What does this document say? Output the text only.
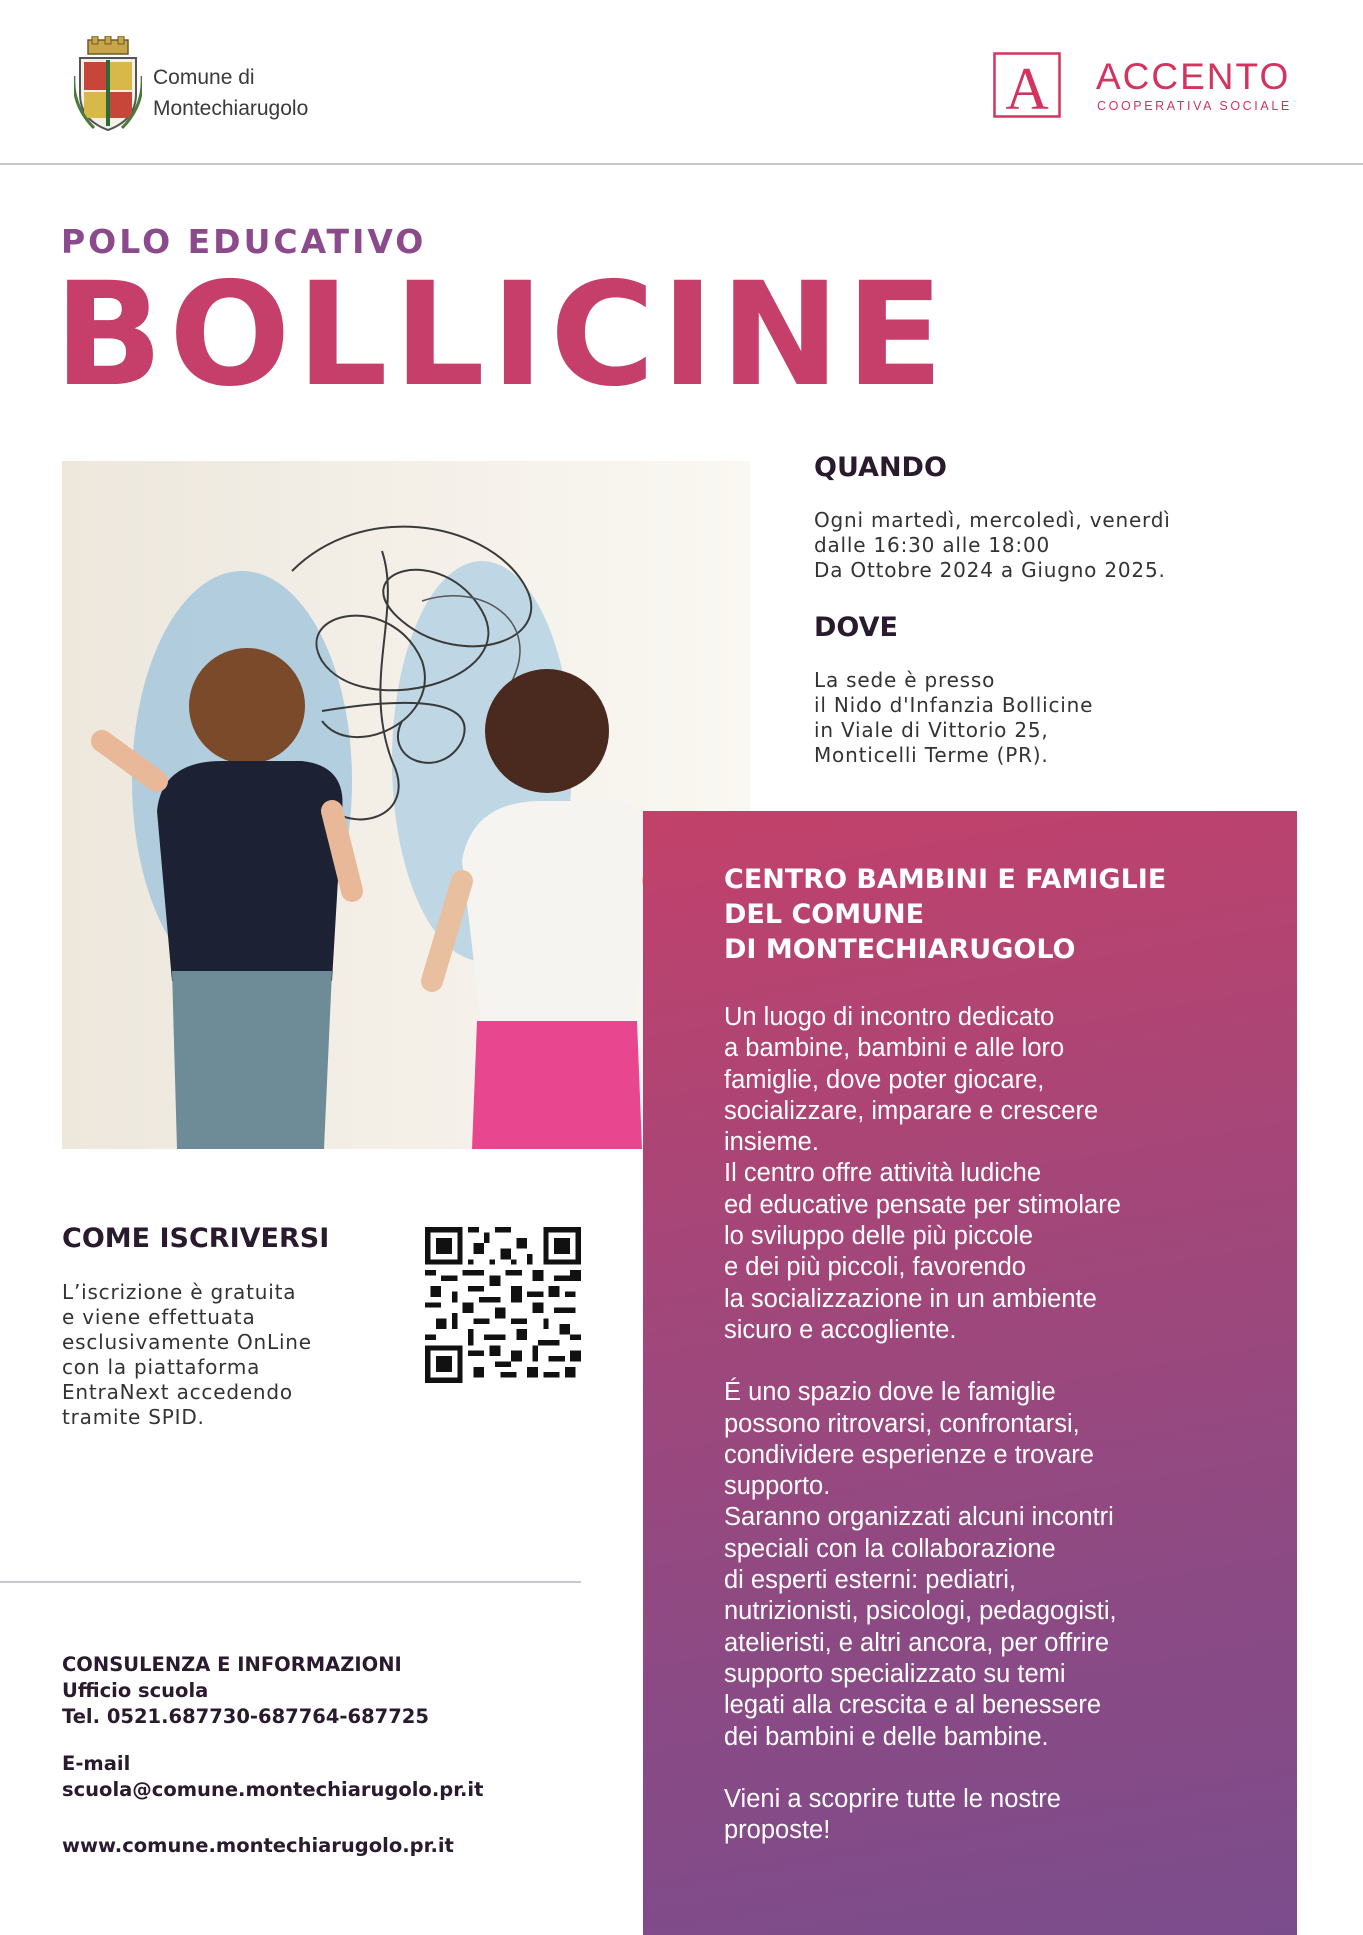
Comune di
Montechiarugolo	A ACCENTO
COOPERATIVA SOCIALE
POLO EDUCATIVO
BOLLICINE
QUANDO
Ogni martedì, mercoledì, venerdì
dalle 16:30 alle 18:00
Da Ottobre 2024 a Giugno 2025.
DOVE
La sede è presso
il Nido d'Infanzia Bollicine
in Viale di Vittorio 25,
Monticelli Terme (PR).
CENTRO BAMBINI E FAMIGLIE
DEL COMUNE
DI MONTECHIARUGOLO

Un luogo di incontro dedicato
a bambine, bambini e alle loro
famiglie, dove poter giocare,
socializzare, imparare e crescere
insieme.
Il centro offre attività ludiche
ed educative pensate per stimolare
lo sviluppo delle più piccole
e dei più piccoli, favorendo
la socializzazione in un ambiente
sicuro e accogliente.

É uno spazio dove le famiglie
possono ritrovarsi, confrontarsi,
condividere esperienze e trovare
supporto.
Saranno organizzati alcuni incontri
speciali con la collaborazione
di esperti esterni: pediatri,
nutrizionisti, psicologi, pedagogisti,
atelieristi, e altri ancora, per offrire
supporto specializzato su temi
legati alla crescita e al benessere
dei bambini e delle bambine.

Vieni a scoprire tutte le nostre
proposte!

COME ISCRIVERSI
L’iscrizione è gratuita
e viene effettuata
esclusivamente OnLine
con la piattaforma
EntraNext accedendo
tramite SPID.
CONSULENZA E INFORMAZIONI
Ufficio scuola
Tel. 0521.687730-687764-687725
E-mail
scuola@comune.montechiarugolo.pr.it
www.comune.montechiarugolo.pr.it
